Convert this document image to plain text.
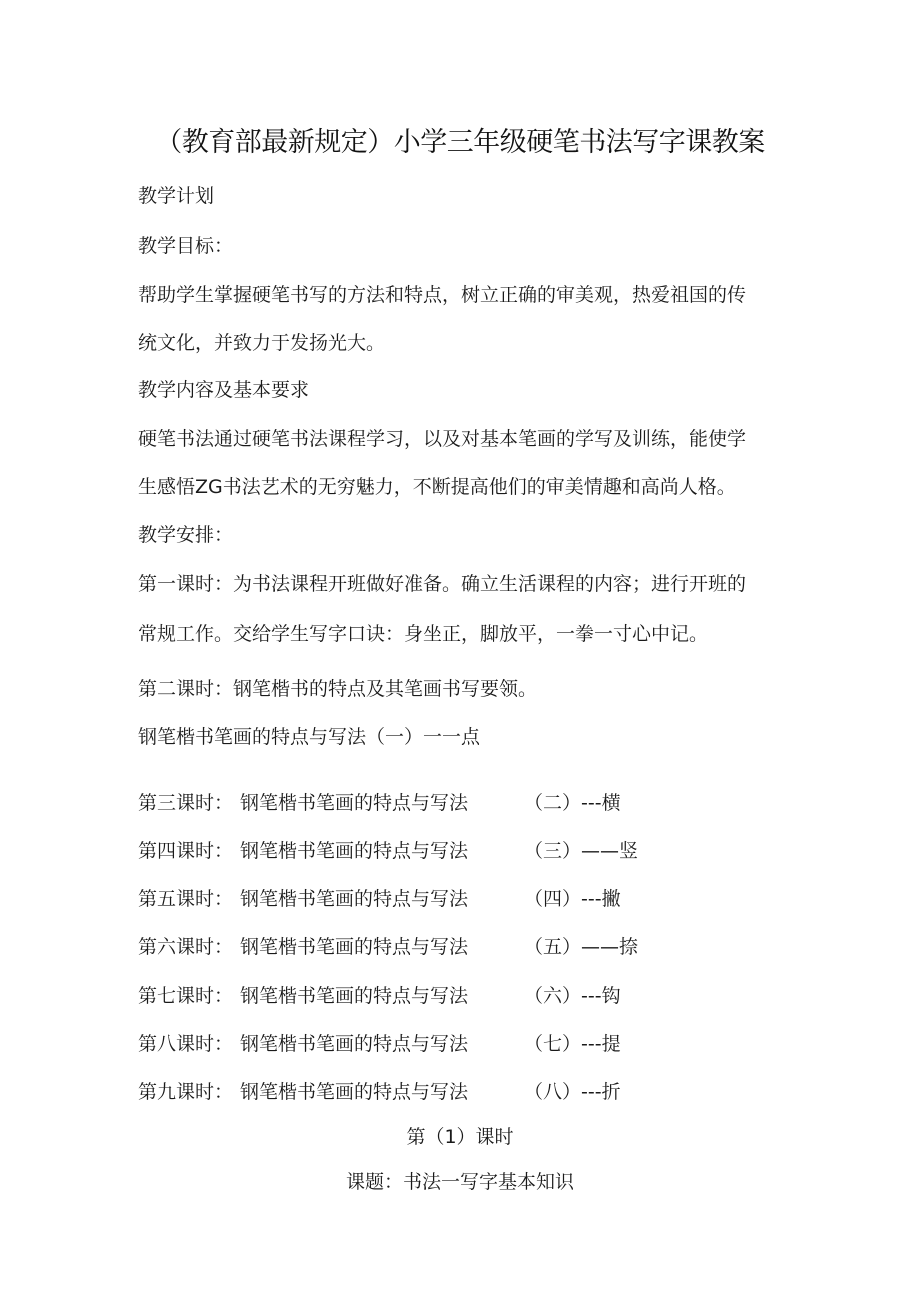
（教育部最新规定）小学三年级硬笔书法写字课教案
教学计划
教学目标：
帮助学生掌握硬笔书写的方法和特点，树立正确的审美观，热爱祖国的传
统文化，并致力于发扬光大。
教学内容及基本要求
硬笔书法通过硬笔书法课程学习，以及对基本笔画的学写及训练，能使学
生感悟ZG书法艺术的无穷魅力，不断提高他们的审美情趣和高尚人格。
教学安排：
第一课时：为书法课程开班做好准备。确立生活课程的内容；进行开班的
常规工作。交给学生写字口诀：身坐正，脚放平，一拳一寸心中记。
第二课时：钢笔楷书的特点及其笔画书写要领。
钢笔楷书笔画的特点与写法（一）一一点
第三课时： 钢笔楷书笔画的特点与写法	（二）---横
第四课时： 钢笔楷书笔画的特点与写法	（三）——竖
第五课时： 钢笔楷书笔画的特点与写法	（四）---撇
第六课时： 钢笔楷书笔画的特点与写法	（五）——捺
第七课时： 钢笔楷书笔画的特点与写法	（六）---钩
第八课时： 钢笔楷书笔画的特点与写法	（七）---提
第九课时： 钢笔楷书笔画的特点与写法	（八）---折
第（1）课时
课题：书法一写字基本知识
